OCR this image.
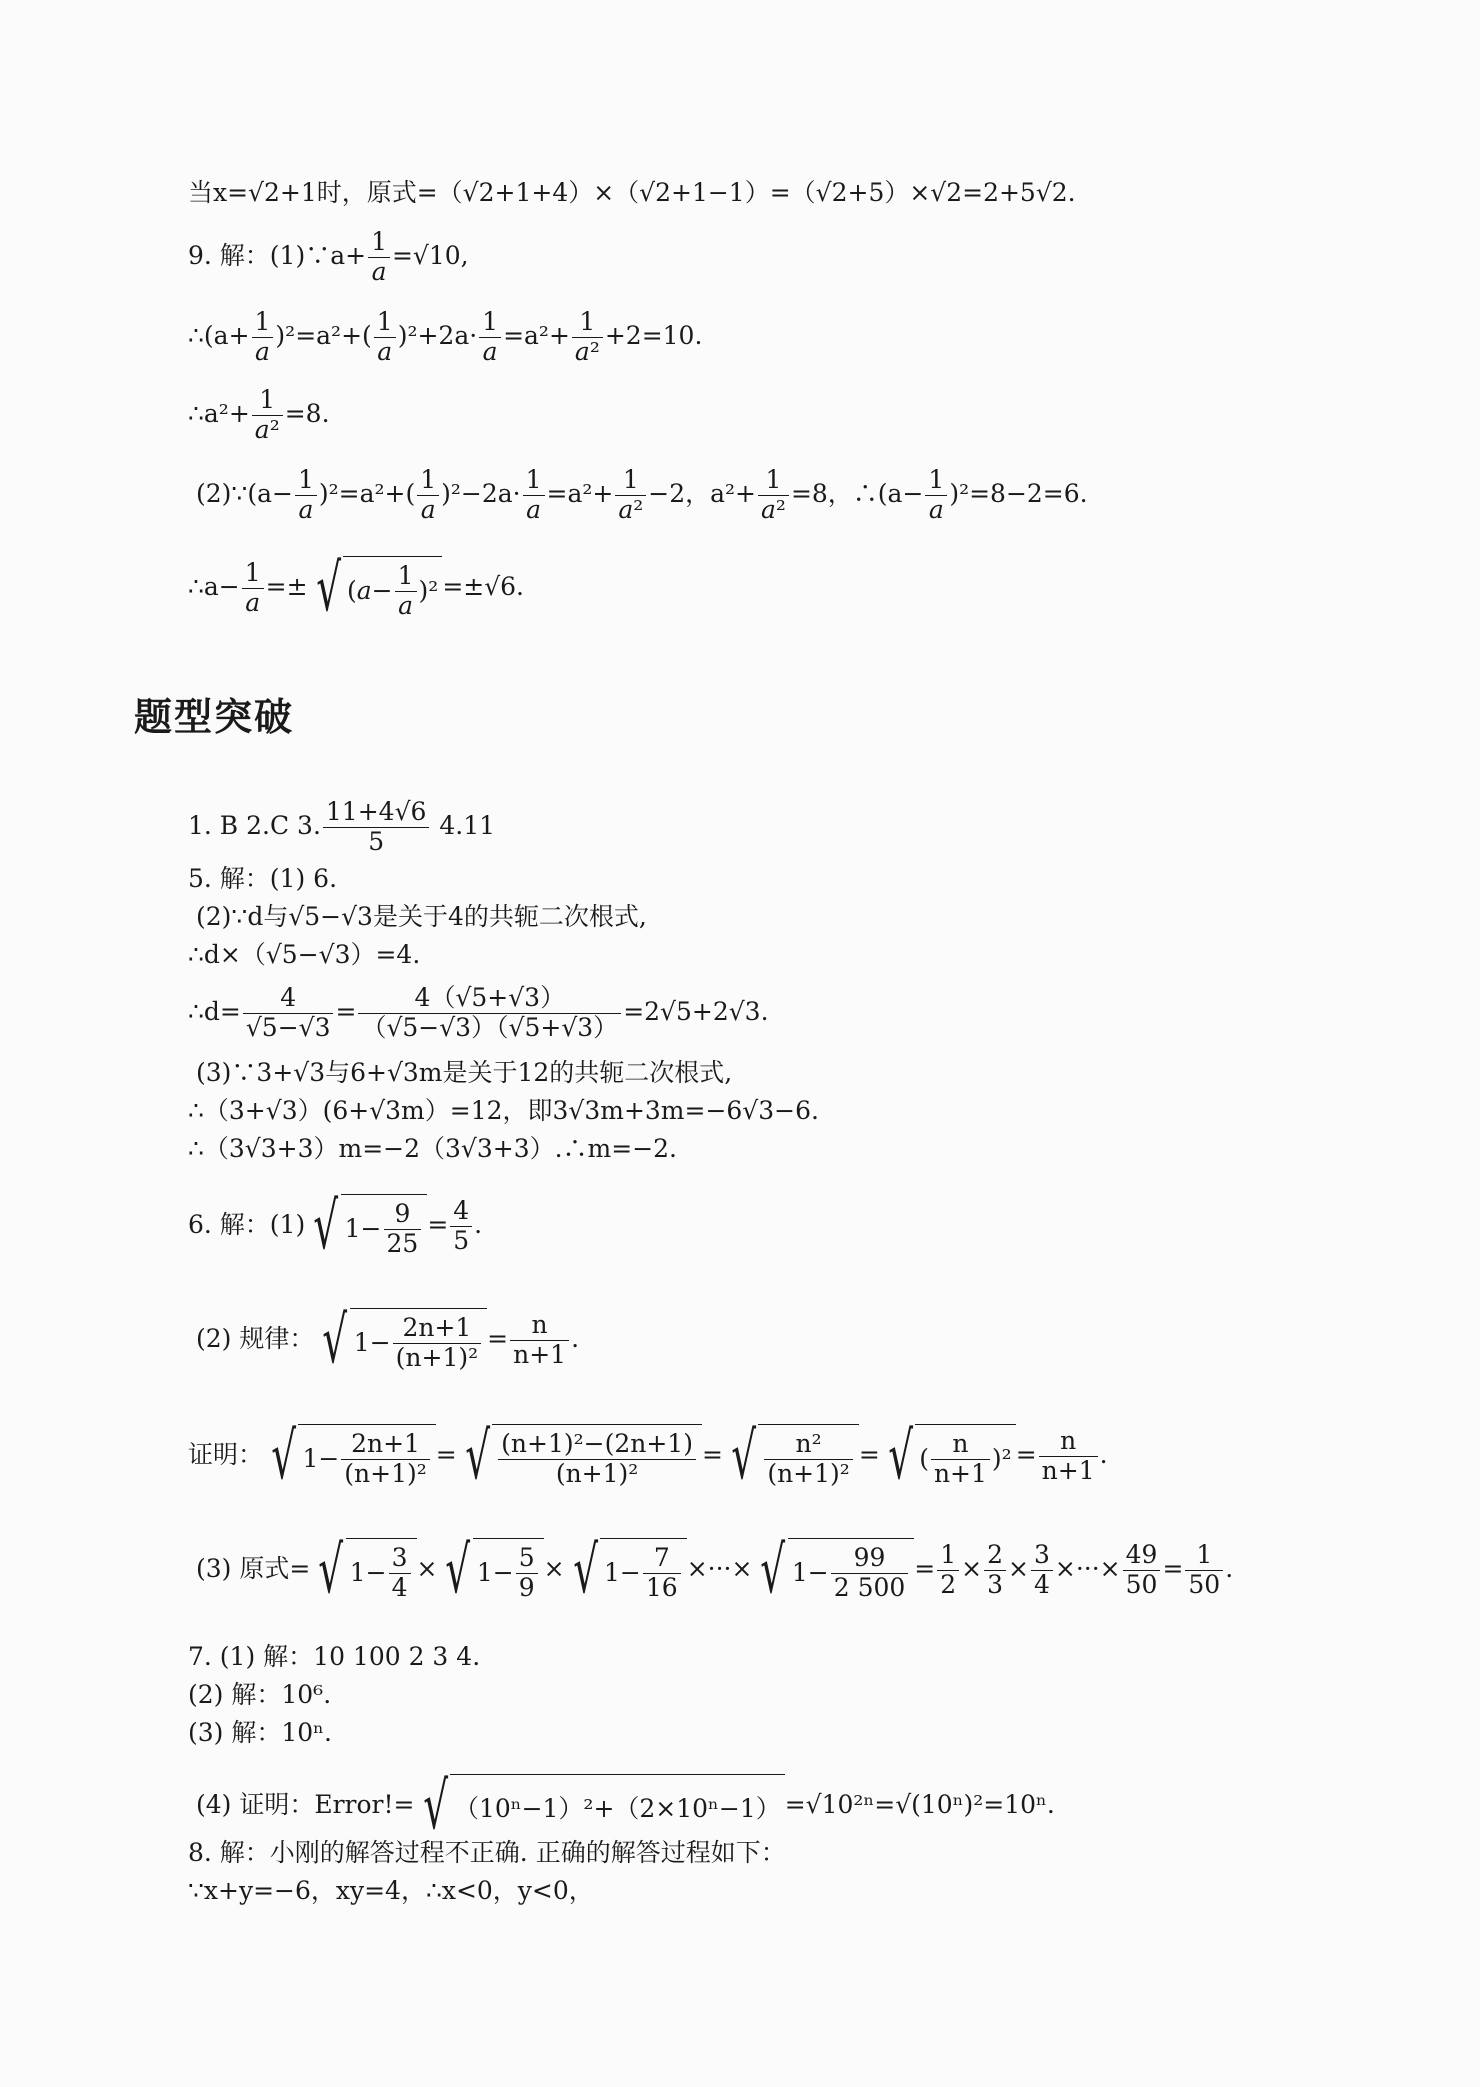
当x=√2+1时，原式=（√2+1+4）×（√2+1−1）=（√2+5）×√2=2+5√2.
9. 解：(1)∵a+ $\frac{1}{a} =√10$,
∴(a+ $\frac{1}{a} )^2=a^2+( \frac{1}{a} )^2+2a\cdot \frac{1}{a} =a^2+ \frac{1}{\text{a²}} +2=10$.
∴a²+ $\frac{1}{\text{a²}} =8$.
(2)∵(a− $\frac{1}{a} )^2=a^2+( \frac{1}{a} )^2-2a\cdot \frac{1}{a} =a^2+ \frac{1}{\text{a²}} -2$，$a^2+ \frac{1}{\text{a²}} =8$，∴(a− $\frac{1}{a} )^2=8-2=6$.
∴a− $\frac{1}{a}$ =± √ ( a −
1
a )² =±√6.
题型突破
1. B 2.C 3. $\frac{11+4√6}{5} 4.11$
5. 解：(1) 6.
(2)∵d与√5−√3是关于4的共轭二次根式,
∴d×（√5−√3）=4.
∴d= $\frac{4}{√5-√3} = \frac{4(√5+√3)}{(√5-√3)(√5+√3)} =2√5+2√3$.
(3)∵3+√3与6+√3m是关于12的共轭二次根式,
∴（3+√3）(6+√3m）=12，即3√3m+3m=−6√3−6.
∴（3√3+3）m=−2（3√3+3）.∴m=−2.
6. 解：(1) √ $1- \frac{9}{25} = \frac{4}{5}$ .
(2) 规律： √ $1- \frac{2n+1}{\text{(n+1)²}} = \frac{n}{n+1}$ .
证明： √ 1−
2n+1
(n+1)²
= √ (n+1)²−(2n+1)
(n+1)²
= √	n²
(n+1)²
= √ (
n
n+1 )$^2 = \frac{n}{n+1}$ .
(3) 原式= √ 1−
3
4
× √ 1−
5
9
× √ 1−
7
16
×···× √ 1−
99
2 500
= $\frac{1}{2} \times \frac{2}{3} \times \frac{3}{4}$ ×···× $\frac{49}{50} = \frac{1}{50}$ .
7. (1) 解：10 100 2 3 4.
(2) 解：10⁶.
(3) 解：10ⁿ.
(4) 证明：Error!= √ （10ⁿ−1）²+（2×10ⁿ−1） =√10²ⁿ=√(10ⁿ)²=10ⁿ.
8. 解：小刚的解答过程不正确. 正确的解答过程如下：
∵x+y=−6，xy=4，∴x<0，y<0，
